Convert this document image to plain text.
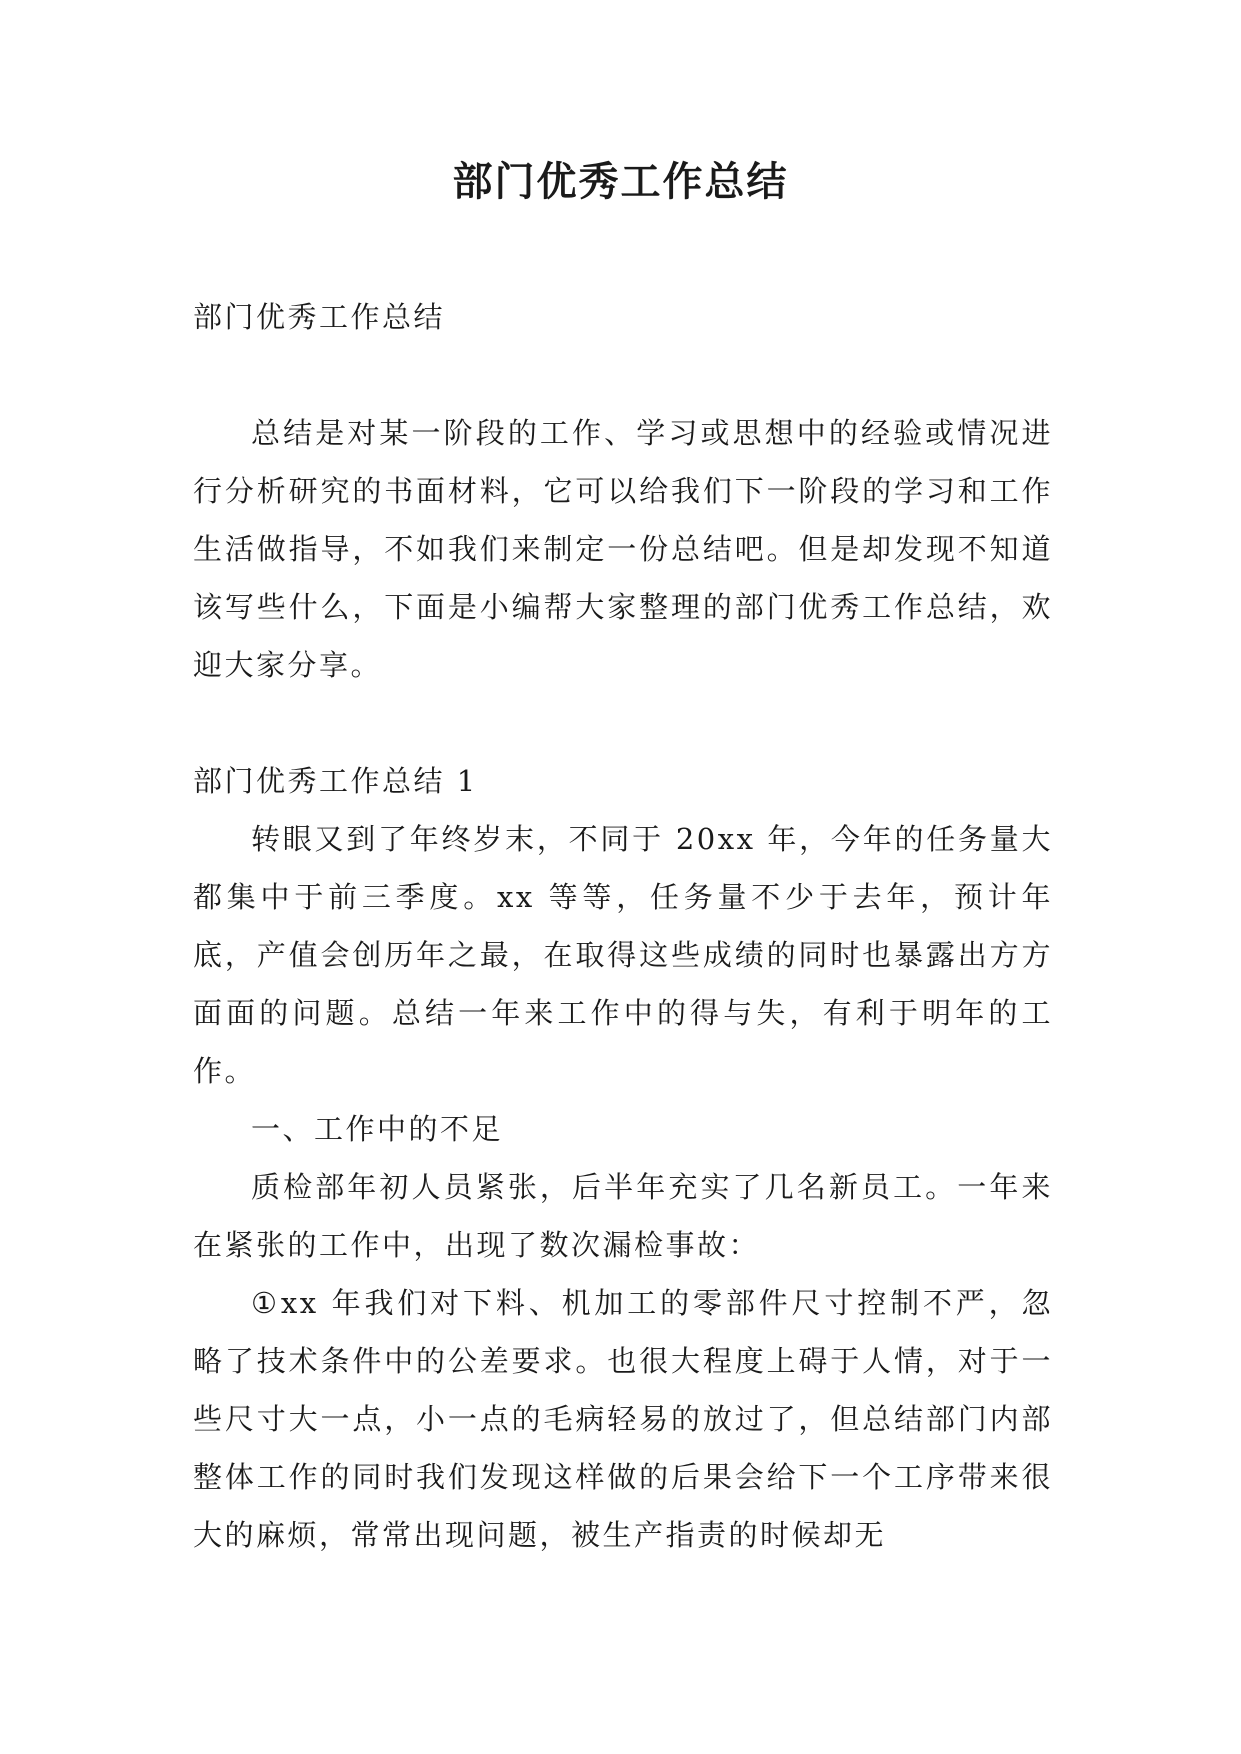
部门优秀工作总结

部门优秀工作总结

总结是对某一阶段的工作、学习或思想中的经验或情况进行分析研究的书面材料，它可以给我们下一阶段的学习和工作生活做指导，不如我们来制定一份总结吧。但是却发现不知道该写些什么，下面是小编帮大家整理的部门优秀工作总结，欢迎大家分享。

部门优秀工作总结 1

转眼又到了年终岁末，不同于 20xx 年，今年的任务量大都集中于前三季度。xx 等等，任务量不少于去年，预计年底，产值会创历年之最，在取得这些成绩的同时也暴露出方方面面的问题。总结一年来工作中的得与失，有利于明年的工作。

一、工作中的不足

质检部年初人员紧张，后半年充实了几名新员工。一年来在紧张的工作中，出现了数次漏检事故：

①xx 年我们对下料、机加工的零部件尺寸控制不严，忽略了技术条件中的公差要求。也很大程度上碍于人情，对于一些尺寸大一点，小一点的毛病轻易的放过了，但总结部门内部整体工作的同时我们发现这样做的后果会给下一个工序带来很大的麻烦，常常出现问题，被生产指责的时候却无
